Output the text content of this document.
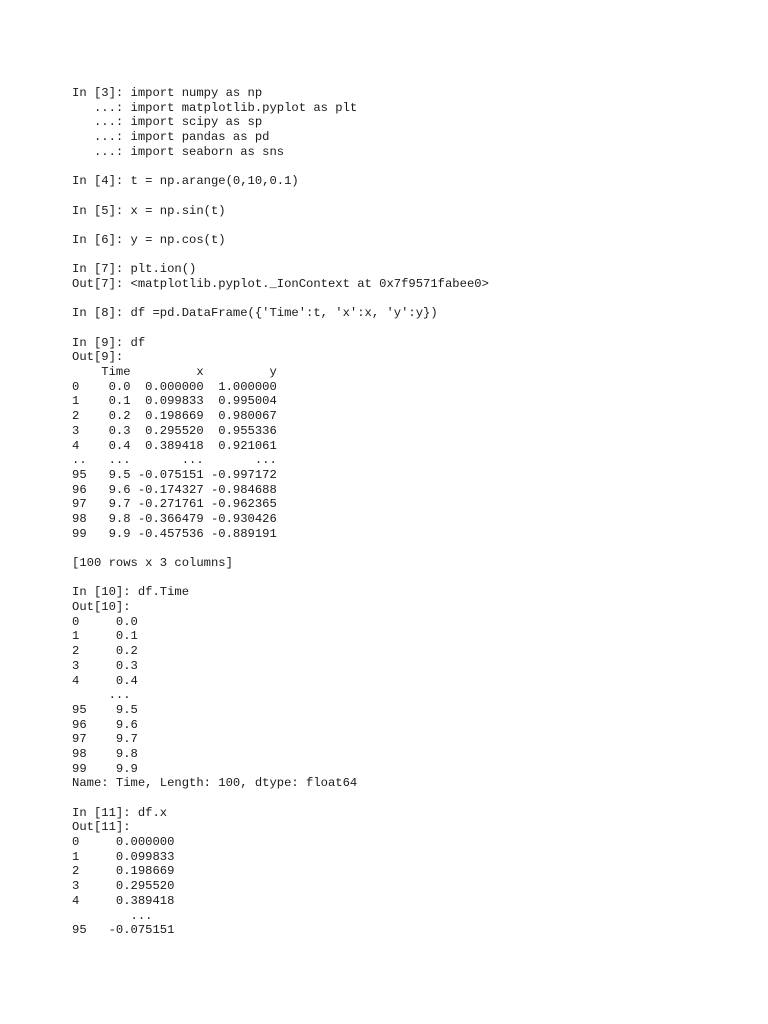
In [3]: import numpy as np
...: import matplotlib.pyplot as plt
...: import scipy as sp
...: import pandas as pd
...: import seaborn as sns
In [4]: t = np.arange(0,10,0.1)
In [5]: x = np.sin(t)
In [6]: y = np.cos(t)
In [7]: plt.ion()
Out[7]: <matplotlib.pyplot._IonContext at 0x7f9571fabee0>
In [8]: df =pd.DataFrame({'Time':t, 'x':x, 'y':y})
In [9]: df
Out[9]:
Time         x         y
0    0.0  0.000000  1.000000
1    0.1  0.099833  0.995004
2    0.2  0.198669  0.980067
3    0.3  0.295520  0.955336
4    0.4  0.389418  0.921061
..   ...       ...       ...
95   9.5 -0.075151 -0.997172
96   9.6 -0.174327 -0.984688
97   9.7 -0.271761 -0.962365
98   9.8 -0.366479 -0.930426
99   9.9 -0.457536 -0.889191
[100 rows x 3 columns]
In [10]: df.Time
Out[10]:
0     0.0
1     0.1
2     0.2
3     0.3
4     0.4
...
95    9.5
96    9.6
97    9.7
98    9.8
99    9.9
Name: Time, Length: 100, dtype: float64
In [11]: df.x
Out[11]:
0     0.000000
1     0.099833
2     0.198669
3     0.295520
4     0.389418
...
95   -0.075151
